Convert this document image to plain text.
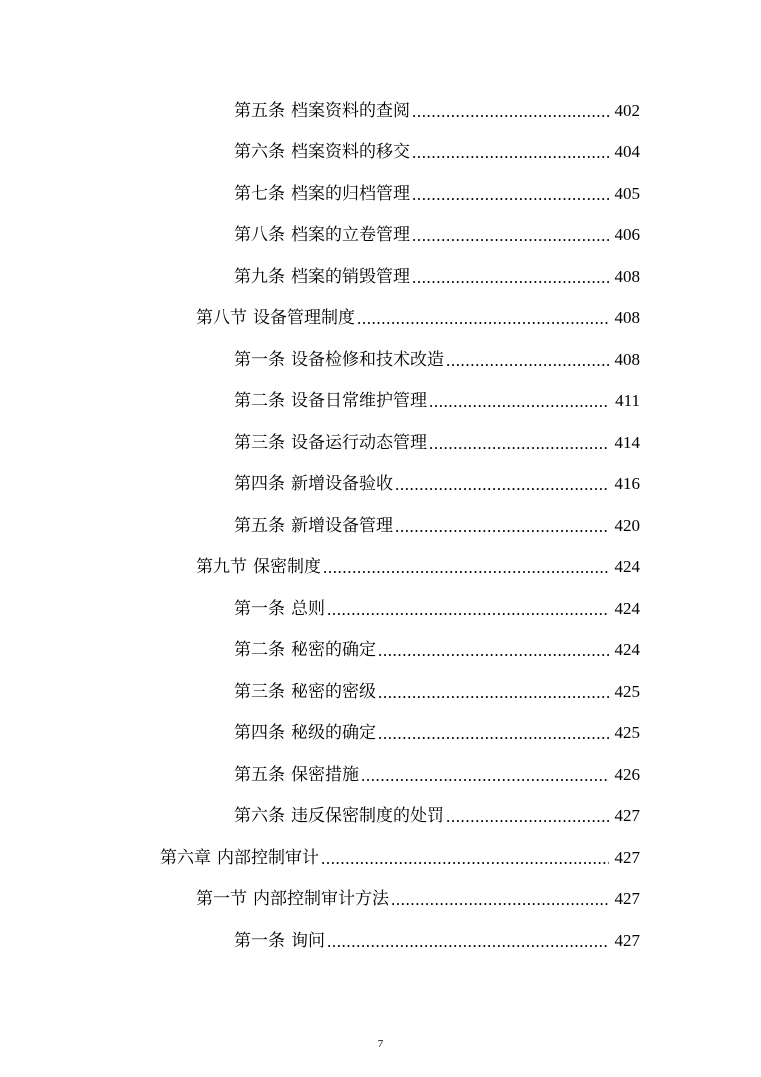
第五条 档案资料的查阅 .....	402
第六条 档案资料的移交 .....	404
第七条 档案的归档管理 .....	405
第八条 档案的立卷管理 .....	406
第九条 档案的销毁管理 .....	408
第八节 设备管理制度 .....	408
第一条 设备检修和技术改造 .....	408
第二条 设备日常维护管理 .....	411
第三条 设备运行动态管理 .....	414
第四条 新增设备验收 .....	416
第五条 新增设备管理 .....	420
第九节 保密制度 .....	424
第一条 总则 .....	424
第二条 秘密的确定 .....	424
第三条 秘密的密级 .....	425
第四条 秘级的确定 .....	425
第五条 保密措施 .....	426
第六条 违反保密制度的处罚 .....	427
第六章 内部控制审计 .....	427
第一节 内部控制审计方法 .....	427
第一条 询问 .....	427
7
